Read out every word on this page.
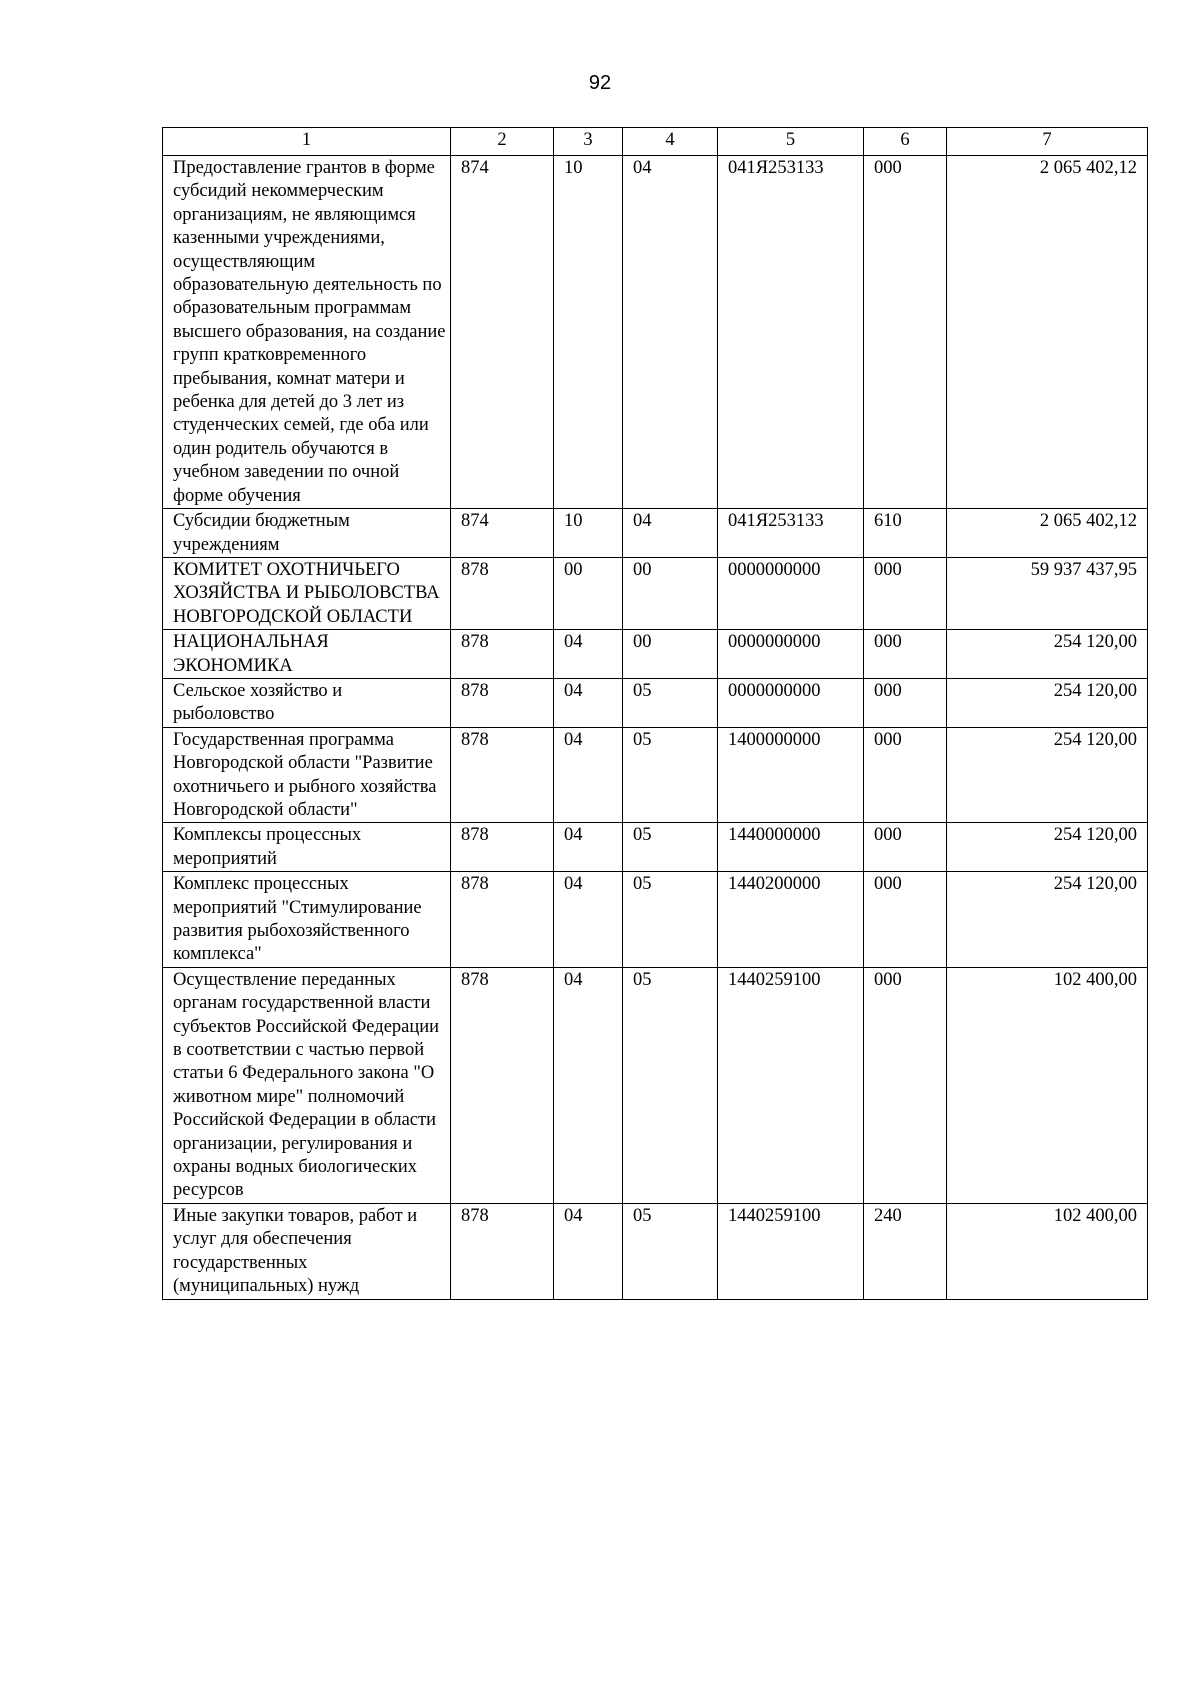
92
1	2	3	4	5	6	7
Предоставление грантов в форме субсидий некоммерческим организациям, не являющимся казенными учреждениями, осуществляющим образовательную деятельность по образовательным программам высшего образования, на создание групп кратковременного пребывания, комнат матери и ребенка для детей до 3 лет из студенческих семей, где оба или один родитель обучаются в учебном заведении по очной форме обучения	874	10	04	041Я253133	000	2 065 402,12
Субсидии бюджетным учреждениям	874	10	04	041Я253133	610	2 065 402,12
КОМИТЕТ ОХОТНИЧЬЕГО ХОЗЯЙСТВА И РЫБОЛОВСТВА НОВГОРОДСКОЙ ОБЛАСТИ	878	00	00	0000000000	000	59 937 437,95
НАЦИОНАЛЬНАЯ ЭКОНОМИКА	878	04	00	0000000000	000	254 120,00
Сельское хозяйство и рыболовство	878	04	05	0000000000	000	254 120,00
Государственная программа Новгородской области "Развитие охотничьего и рыбного хозяйства Новгородской области"	878	04	05	1400000000	000	254 120,00
Комплексы процессных мероприятий	878	04	05	1440000000	000	254 120,00
Комплекс процессных мероприятий "Стимулирование развития рыбохозяйственного комплекса"	878	04	05	1440200000	000	254 120,00
Осуществление переданных органам государственной власти субъектов Российской Федерации в соответствии с частью первой статьи 6 Федерального закона "О животном мире" полномочий Российской Федерации в области организации, регулирования и охраны водных биологических ресурсов	878	04	05	1440259100	000	102 400,00
Иные закупки товаров, работ и услуг для обеспечения государственных (муниципальных) нужд	878	04	05	1440259100	240	102 400,00
